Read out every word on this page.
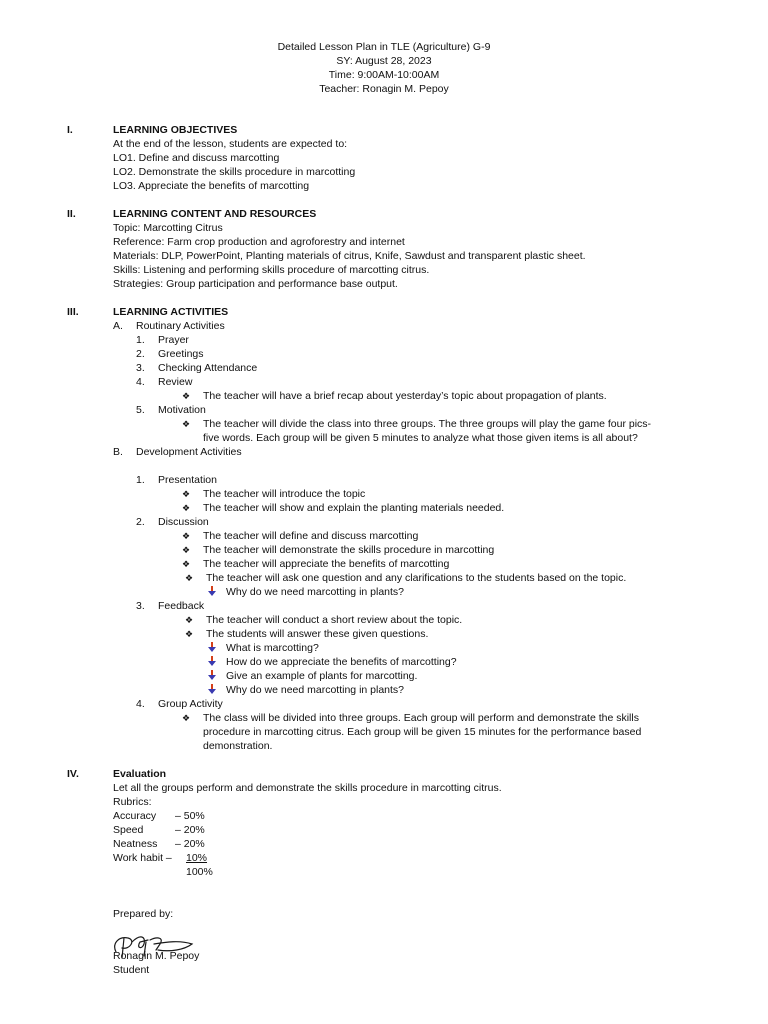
Detailed Lesson Plan in TLE (Agriculture) G-9
SY: August 28, 2023
Time: 9:00AM-10:00AM
Teacher: Ronagin M. Pepoy
I.	LEARNING OBJECTIVES
At the end of the lesson, students are expected to:
LO1. Define and discuss marcotting
LO2. Demonstrate the skills procedure in marcotting
LO3. Appreciate the benefits of marcotting
II.	LEARNING CONTENT AND RESOURCES
Topic: Marcotting Citrus
Reference: Farm crop production and agroforestry and internet
Materials: DLP, PowerPoint, Planting materials of citrus, Knife, Sawdust and transparent plastic sheet.
Skills: Listening and performing skills procedure of marcotting citrus.
Strategies: Group participation and performance base output.
III.	LEARNING ACTIVITIES
A. Routinary Activities
1. Prayer
2. Greetings
3. Checking Attendance
4. Review
❖ The teacher will have a brief recap about yesterday’s topic about propagation of plants.
5. Motivation
❖ The teacher will divide the class into three groups. The three groups will play the game four pics-
five words. Each group will be given 5 minutes to analyze what those given items is all about?
B. Development Activities
1. Presentation
❖ The teacher will introduce the topic
❖ The teacher will show and explain the planting materials needed.
2. Discussion
❖ The teacher will define and discuss marcotting
❖ The teacher will demonstrate the skills procedure in marcotting
❖ The teacher will appreciate the benefits of marcotting
❖ The teacher will ask one question and any clarifications to the students based on the topic.
Why do we need marcotting in plants?
3. Feedback
❖ The teacher will conduct a short review about the topic.
❖ The students will answer these given questions.
What is marcotting?
How do we appreciate the benefits of marcotting?
Give an example of plants for marcotting.
Why do we need marcotting in plants?
4. Group Activity
❖ The class will be divided into three groups. Each group will perform and demonstrate the skills
procedure in marcotting citrus. Each group will be given 15 minutes for the performance based
demonstration.
IV.	Evaluation
Let all the groups perform and demonstrate the skills procedure in marcotting citrus.
Rubrics:
Accuracy – 50%
Speed	– 20%
Neatness – 20%
Work habit – 10%
100%
Prepared by:
Ronagin M. Pepoy
Student
